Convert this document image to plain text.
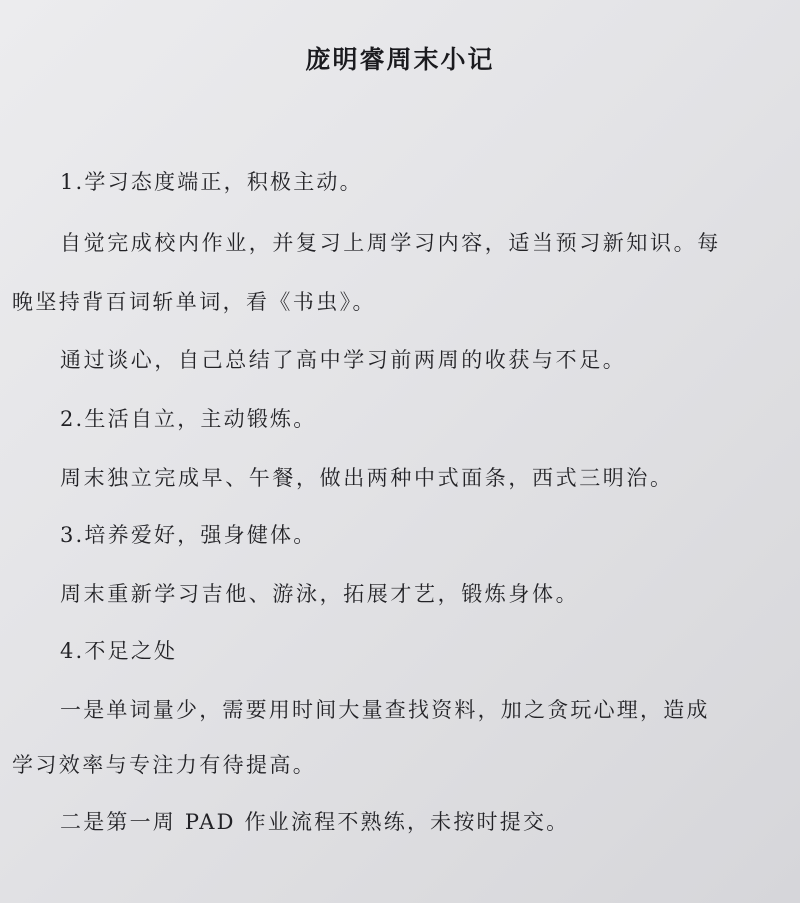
庞明睿周末小记
1.学习态度端正，积极主动。
自觉完成校内作业，并复习上周学习内容，适当预习新知识。每
晚坚持背百词斩单词，看《书虫》。
通过谈心，自己总结了高中学习前两周的收获与不足。
2.生活自立，主动锻炼。
周末独立完成早、午餐，做出两种中式面条，西式三明治。
3.培养爱好，强身健体。
周末重新学习吉他、游泳，拓展才艺，锻炼身体。
4.不足之处
一是单词量少，需要用时间大量查找资料，加之贪玩心理，造成
学习效率与专注力有待提高。
二是第一周 PAD 作业流程不熟练，未按时提交。
